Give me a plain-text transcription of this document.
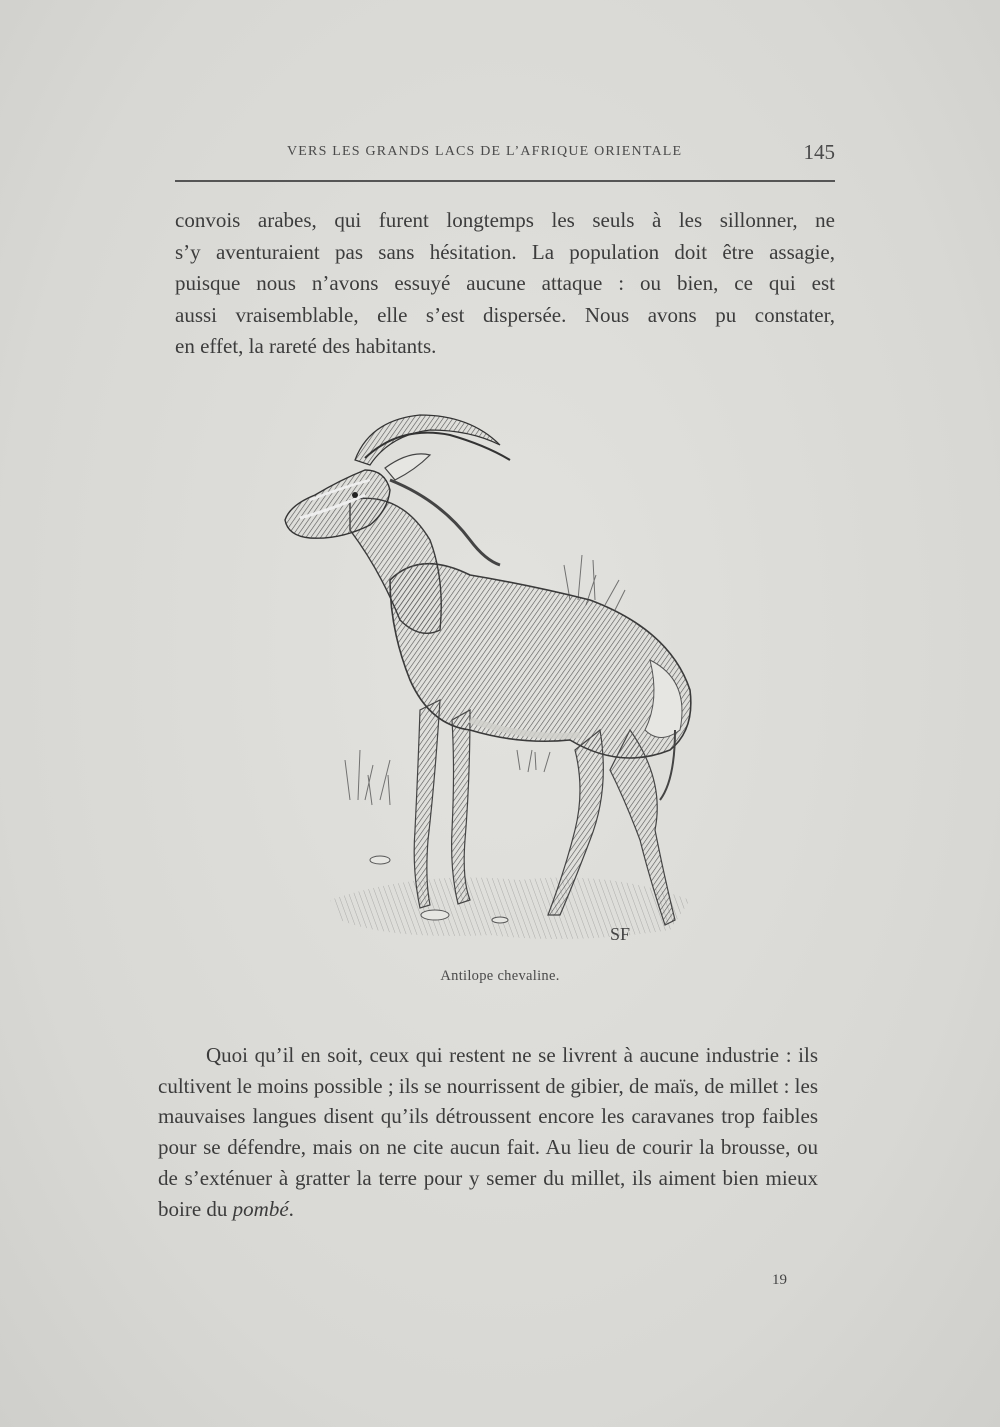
VERS LES GRANDS LACS DE L’AFRIQUE ORIENTALE	145
convois arabes, qui furent longtemps les seuls à les sillonner, ne
s’y aventuraient pas sans hésitation. La population doit être assagie,
puisque nous n’avons essuyé aucune attaque : ou bien, ce qui est
aussi vraisemblable, elle s’est dispersée. Nous avons pu constater,
en effet, la rareté des habitants.
SF
Antilope chevaline.

Quoi qu’il en soit, ceux qui restent ne se livrent à aucune industrie : ils cultivent le moins possible ; ils se nourrissent de gibier, de maïs, de millet : les mauvaises langues disent qu’ils détroussent encore les caravanes trop faibles pour se défendre, mais on ne cite aucun fait. Au lieu de courir la brousse, ou de s’exténuer à gratter la terre pour y semer du millet, ils aiment bien mieux boire du pombé.

19
